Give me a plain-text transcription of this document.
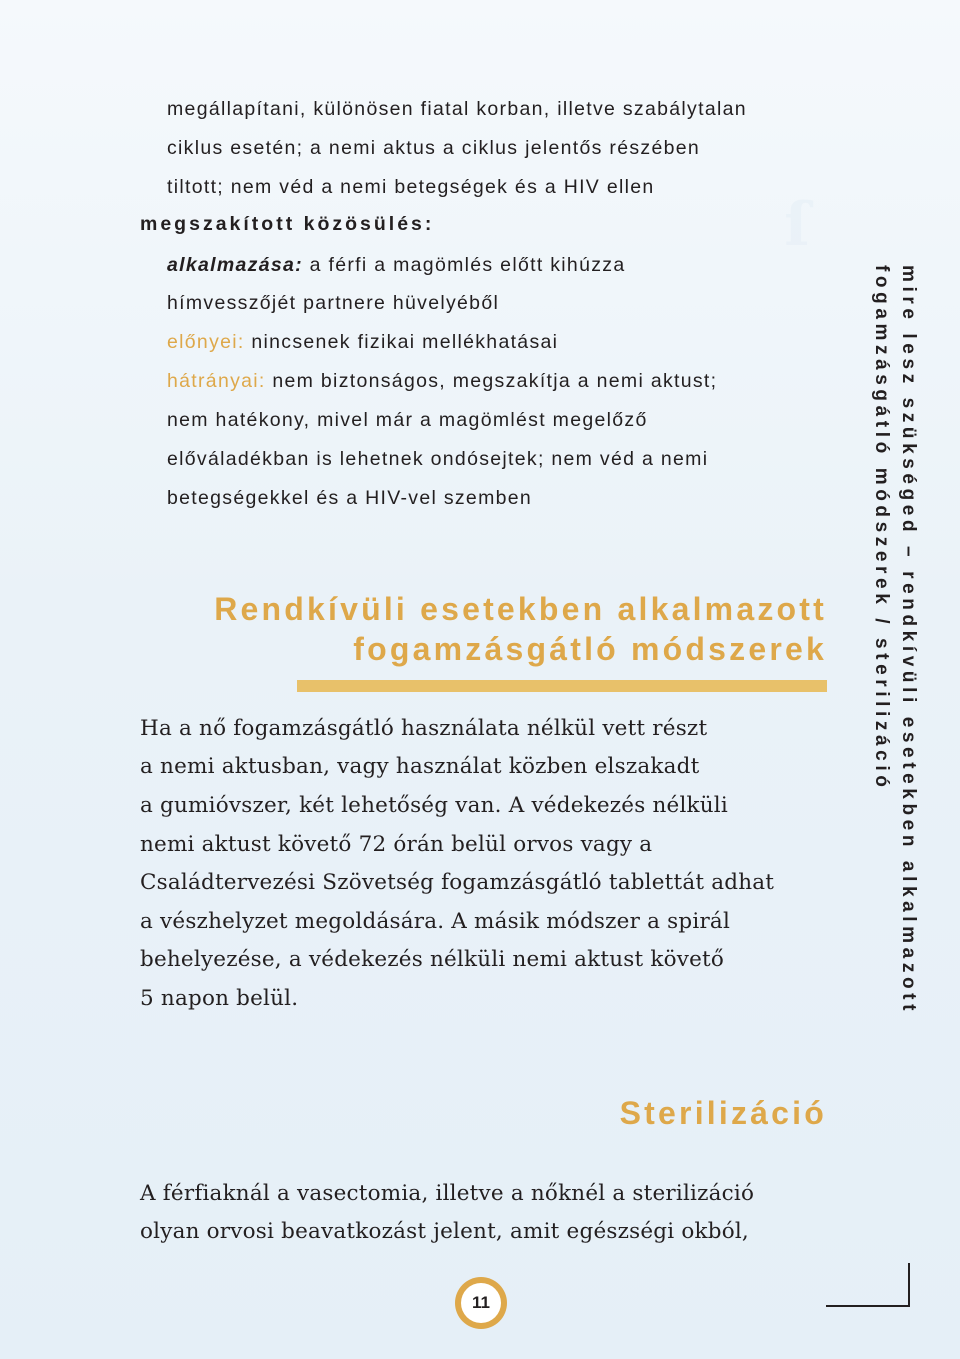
ſ
megállapítani, különösen fiatal korban, illetve szabálytalan
ciklus esetén; a nemi aktus a ciklus jelentős részében
tiltott; nem véd a nemi betegségek és a HIV ellen
megszakított közösülés:
alkalmazása: a férfi a magömlés előtt kihúzza
hímvesszőjét partnere hüvelyéből
előnyei: nincsenek fizikai mellékhatásai
hátrányai: nem biztonságos, megszakítja a nemi aktust;
nem hatékony, mivel már a magömlést megelőző
előváladékban is lehetnek ondósejtek; nem véd a nemi
betegségekkel és a HIV-vel szemben
Rendkívüli esetekben alkalmazott
fogamzásgátló módszerek
Ha a nő fogamzásgátló használata nélkül vett részt
a nemi aktusban, vagy használat közben elszakadt
a gumióvszer, két lehetőség van. A védekezés nélküli
nemi aktust követő 72 órán belül orvos vagy a
Családtervezési Szövetség fogamzásgátló tablettát adhat
a vészhelyzet megoldására. A másik módszer a spirál
behelyezése, a védekezés nélküli nemi aktust követő
5 napon belül.
Sterilizáció
A férfiaknál a vasectomia, illetve a nőknél a sterilizáció
olyan orvosi beavatkozást jelent, amit egészségi okból,
mire lesz szükséged – rendkívüli esetekben alkalmazott
fogamzásgátló módszerek / sterilizáció
11
